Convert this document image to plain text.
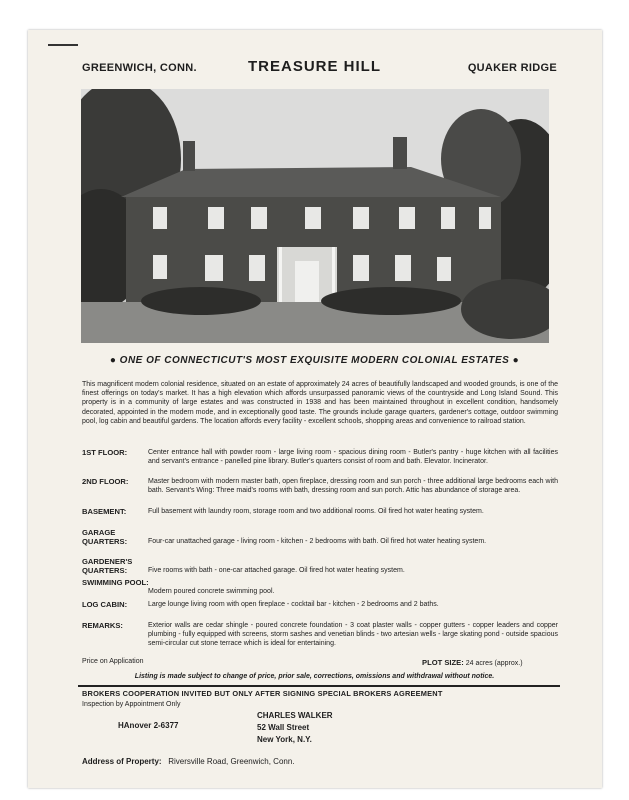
GREENWICH, CONN.	TREASURE HILL	QUAKER RIDGE
● ONE OF CONNECTICUT'S MOST EXQUISITE MODERN COLONIAL ESTATES ●
This magnificent modern colonial residence, situated on an estate of approximately 24 acres of beautifully landscaped and wooded grounds, is one of the finest offerings on today's market. It has a high elevation which affords unsurpassed panoramic views of the countryside and Long Island Sound. This property is in a community of large estates and was constructed in 1938 and has been maintained throughout in excellent condition, handsomely decorated, appointed in the modern mode, and in exceptionally good taste. The grounds include garage quarters, gardener's cottage, outdoor swimming pool, log cabin and beautiful gardens. The location affords every facility - excellent schools, shopping areas and convenience to railroad station.
1ST FLOOR:	Center entrance hall with powder room - large living room - spacious dining room - Butler's pantry - huge kitchen with all facilities and servant's entrance - panelled pine library. Butler's quarters consist of room and bath. Elevator. Incinerator.
2ND FLOOR:	Master bedroom with modern master bath, open fireplace, dressing room and sun porch - three additional large bedrooms each with bath. Servant's Wing: Three maid's rooms with bath, dressing room and sun porch. Attic has abundance of storage area.
BASEMENT:	Full basement with laundry room, storage room and two additional rooms. Oil fired hot water heating system.
GARAGE QUARTERS:	Four-car unattached garage - living room - kitchen - 2 bedrooms with bath. Oil fired hot water heating system.
GARDENER'S QUARTERS:	Five rooms with bath - one-car attached garage. Oil fired hot water heating system.
SWIMMING POOL:
Modern poured concrete swimming pool.
LOG CABIN:	Large lounge living room with open fireplace - cocktail bar - kitchen - 2 bedrooms and 2 baths.
REMARKS:	Exterior walls are cedar shingle - poured concrete foundation - 3 coat plaster walls - copper gutters - copper leaders and copper plumbing - fully equipped with screens, storm sashes and venetian blinds - two artesian wells - large skating pond - outside spacious semi-circular cut stone terrace which is ideal for entertaining.
Price on Application	PLOT SIZE: 24 acres (approx.)
Listing is made subject to change of price, prior sale, corrections, omissions and withdrawal without notice.
BROKERS COOPERATION INVITED BUT ONLY AFTER SIGNING SPECIAL BROKERS AGREEMENT
Inspection by Appointment Only
HAnover 2-6377
CHARLES WALKER
52 Wall Street
New York, N.Y.
Address of Property: Riversville Road, Greenwich, Conn.
